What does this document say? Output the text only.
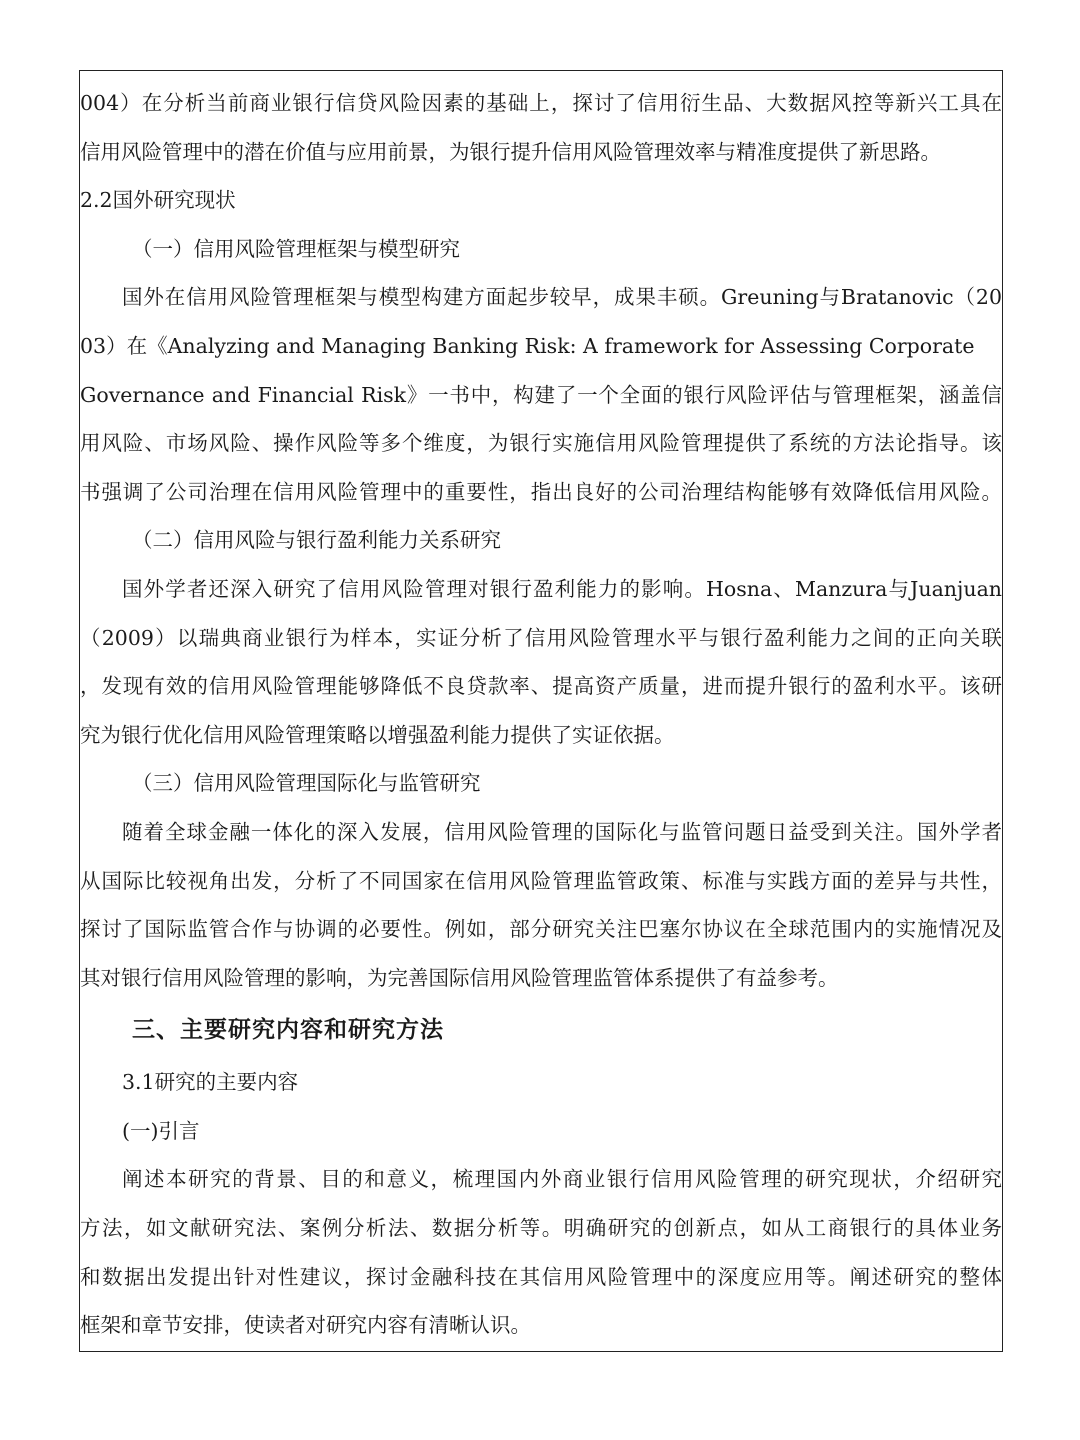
004）在分析当前商业银行信贷风险因素的基础上，探讨了信用衍生品、大数据风控等新兴工具在
信用风险管理中的潜在价值与应用前景，为银行提升信用风险管理效率与精准度提供了新思路。
2.2国外研究现状
（一）信用风险管理框架与模型研究
国外在信用风险管理框架与模型构建方面起步较早，成果丰硕。Greuning与Bratanovic（20
03）在《Analyzing and Managing Banking Risk: A framework for Assessing Corporate
Governance and Financial Risk》一书中，构建了一个全面的银行风险评估与管理框架，涵盖信
用风险、市场风险、操作风险等多个维度，为银行实施信用风险管理提供了系统的方法论指导。该
书强调了公司治理在信用风险管理中的重要性，指出良好的公司治理结构能够有效降低信用风险。
（二）信用风险与银行盈利能力关系研究
国外学者还深入研究了信用风险管理对银行盈利能力的影响。Hosna、Manzura与Juanjuan
（2009）以瑞典商业银行为样本，实证分析了信用风险管理水平与银行盈利能力之间的正向关联
，发现有效的信用风险管理能够降低不良贷款率、提高资产质量，进而提升银行的盈利水平。该研
究为银行优化信用风险管理策略以增强盈利能力提供了实证依据。
（三）信用风险管理国际化与监管研究
随着全球金融一体化的深入发展，信用风险管理的国际化与监管问题日益受到关注。国外学者
从国际比较视角出发，分析了不同国家在信用风险管理监管政策、标准与实践方面的差异与共性，
探讨了国际监管合作与协调的必要性。例如，部分研究关注巴塞尔协议在全球范围内的实施情况及
其对银行信用风险管理的影响，为完善国际信用风险管理监管体系提供了有益参考。
三、主要研究内容和研究方法
3.1研究的主要内容
(一)引言
阐述本研究的背景、目的和意义，梳理国内外商业银行信用风险管理的研究现状，介绍研究
方法，如文献研究法、案例分析法、数据分析等。明确研究的创新点，如从工商银行的具体业务
和数据出发提出针对性建议，探讨金融科技在其信用风险管理中的深度应用等。阐述研究的整体
框架和章节安排，使读者对研究内容有清晰认识。
